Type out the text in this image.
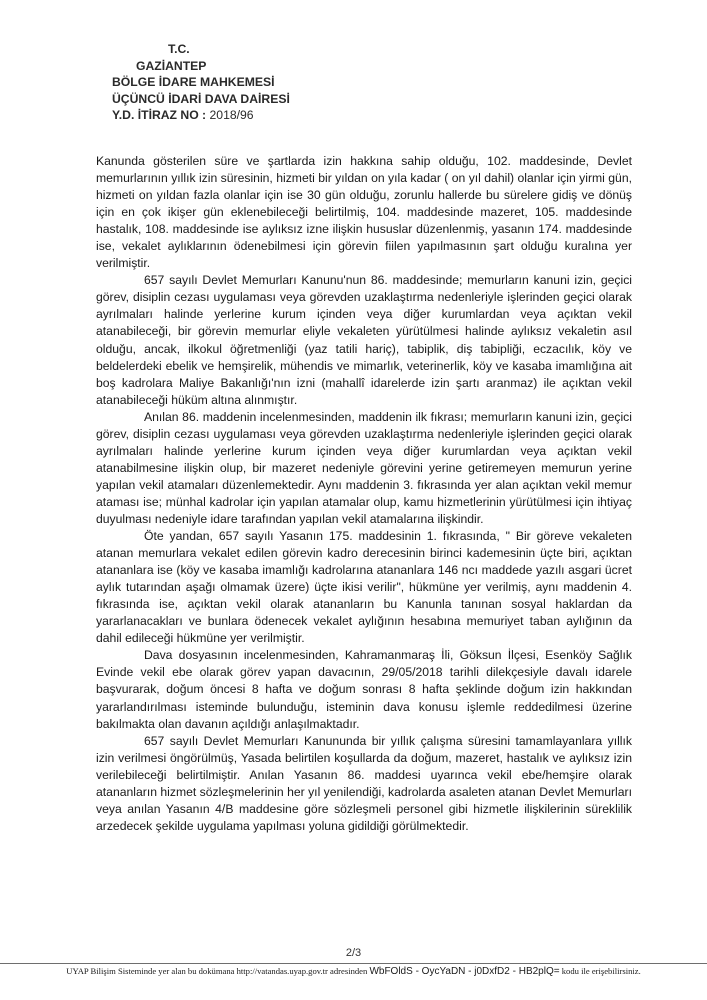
T.C.
GAZİANTEP
BÖLGE İDARE MAHKEMESİ
ÜÇÜNCÜ İDARİ DAVA DAİRESİ
Y.D. İTİRAZ NO : 2018/96

Kanunda gösterilen süre ve şartlarda izin hakkına sahip olduğu, 102. maddesinde, Devlet memurlarının yıllık izin süresinin, hizmeti bir yıldan on yıla kadar ( on yıl dahil) olanlar için yirmi gün, hizmeti on yıldan fazla olanlar için ise 30 gün olduğu, zorunlu hallerde bu sürelere gidiş ve dönüş için en çok ikişer gün eklenebileceği belirtilmiş, 104. maddesinde mazeret, 105. maddesinde hastalık, 108. maddesinde ise aylıksız izne ilişkin hususlar düzenlenmiş, yasanın 174. maddesinde ise, vekalet aylıklarının ödenebilmesi için görevin fiilen yapılmasının şart olduğu kuralına yer verilmiştir.

657 sayılı Devlet Memurları Kanunu'nun 86. maddesinde; memurların kanuni izin, geçici görev, disiplin cezası uygulaması veya görevden uzaklaştırma nedenleriyle işlerinden geçici olarak ayrılmaları halinde yerlerine kurum içinden veya diğer kurumlardan veya açıktan vekil atanabileceği, bir görevin memurlar eliyle vekaleten yürütülmesi halinde aylıksız vekaletin asıl olduğu, ancak, ilkokul öğretmenliği (yaz tatili hariç), tabiplik, diş tabipliği, eczacılık, köy ve beldelerdeki ebelik ve hemşirelik, mühendis ve mimarlık, veterinerlik, köy ve kasaba imamlığına ait boş kadrolara Maliye Bakanlığı'nın izni (mahallî idarelerde izin şartı aranmaz) ile açıktan vekil atanabileceği hüküm altına alınmıştır.

Anılan 86. maddenin incelenmesinden, maddenin ilk fıkrası; memurların kanuni izin, geçici görev, disiplin cezası uygulaması veya görevden uzaklaştırma nedenleriyle işlerinden geçici olarak ayrılmaları halinde yerlerine kurum içinden veya diğer kurumlardan veya açıktan vekil atanabilmesine ilişkin olup, bir mazeret nedeniyle görevini yerine getiremeyen memurun yerine yapılan vekil atamaları düzenlemektedir. Aynı maddenin 3. fıkrasında yer alan açıktan vekil memur ataması ise; münhal kadrolar için yapılan atamalar olup, kamu hizmetlerinin yürütülmesi için ihtiyaç duyulması nedeniyle idare tarafından yapılan vekil atamalarına ilişkindir.

Öte yandan, 657 sayılı Yasanın 175. maddesinin 1. fıkrasında, " Bir göreve vekaleten atanan memurlara vekalet edilen görevin kadro derecesinin birinci kademesinin üçte biri, açıktan atananlara ise (köy ve kasaba imamlığı kadrolarına atananlara 146 ncı maddede yazılı asgari ücret aylık tutarından aşağı olmamak üzere) üçte ikisi verilir", hükmüne yer verilmiş, aynı maddenin 4. fıkrasında ise, açıktan vekil olarak atananların bu Kanunla tanınan sosyal haklardan da yararlanacakları ve bunlara ödenecek vekalet aylığının hesabına memuriyet taban aylığının da dahil edileceği hükmüne yer verilmiştir.

Dava dosyasının incelenmesinden, Kahramanmaraş İli, Göksun İlçesi, Esenköy Sağlık Evinde vekil ebe olarak görev yapan davacının, 29/05/2018 tarihli dilekçesiyle davalı idarele başvurarak, doğum öncesi 8 hafta ve doğum sonrası 8 hafta şeklinde doğum izin hakkından yararlandırılması isteminde bulunduğu, isteminin dava konusu işlemle reddedilmesi üzerine bakılmakta olan davanın açıldığı anlaşılmaktadır.

657 sayılı Devlet Memurları Kanununda bir yıllık çalışma süresini tamamlayanlara yıllık izin verilmesi öngörülmüş, Yasada belirtilen koşullarda da doğum, mazeret, hastalık ve aylıksız izin verilebileceği belirtilmiştir. Anılan Yasanın 86. maddesi uyarınca vekil ebe/hemşire olarak atananların hizmet sözleşmelerinin her yıl yenilendiği, kadrolarda asaleten atanan Devlet Memurları veya anılan Yasanın 4/B maddesine göre sözleşmeli personel gibi hizmetle ilişkilerinin süreklilik arzedecek şekilde uygulama yapılması yoluna gidildiği görülmektedir.

2/3
UYAP Bilişim Sisteminde yer alan bu dokümana http://vatandas.uyap.gov.tr adresinden WbFOldS - OycYaDN - j0DxfD2 - HB2plQ= kodu ile erişebilirsiniz.
